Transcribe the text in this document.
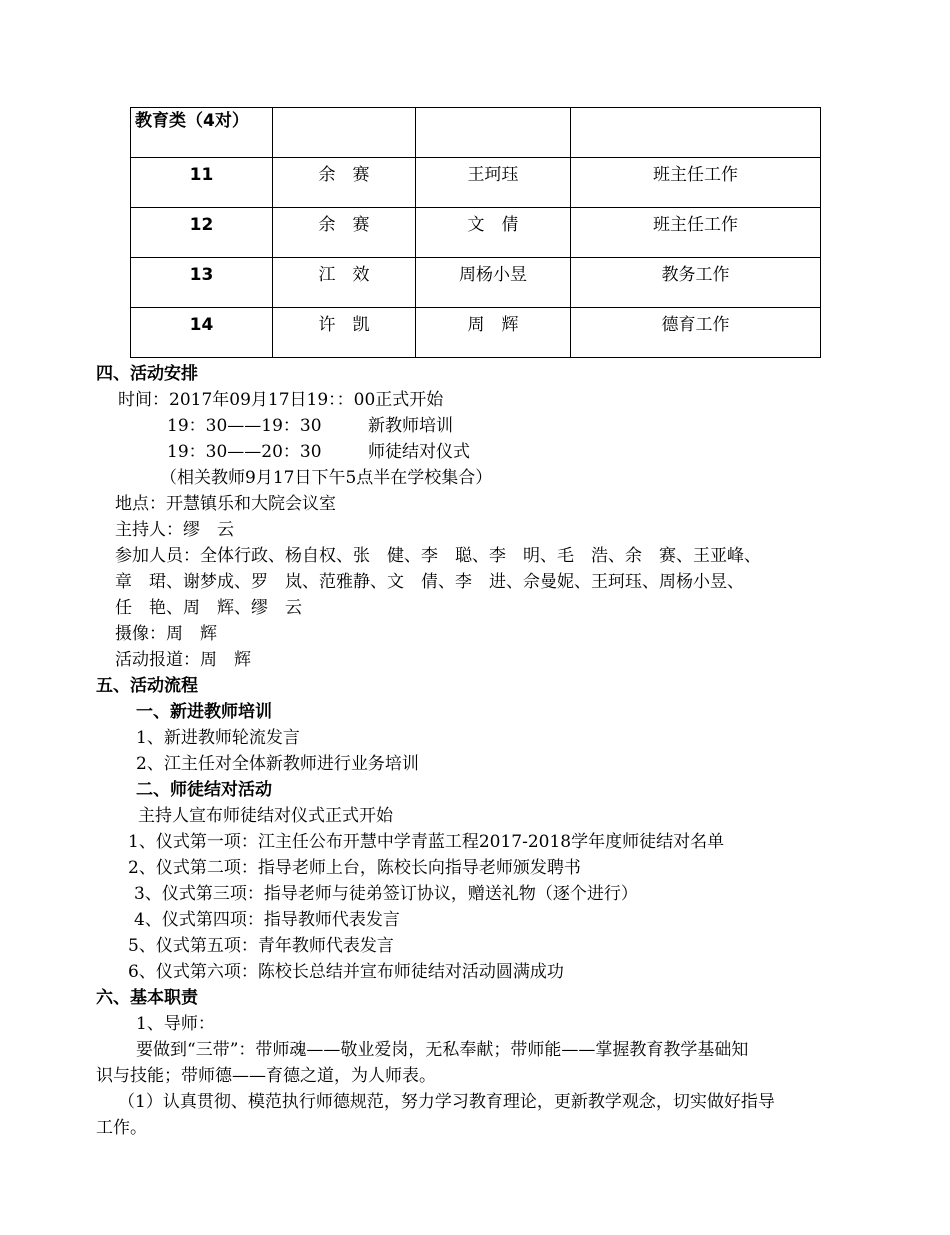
教育类（4对）			

11	余　赛	王珂珏	班主任工作

12	余　赛	文　倩	班主任工作

13	江　效	周杨小昱	教务工作

14	许　凯	周　辉	德育工作
四、活动安排
时间：2017年09月17日19：：00正式开始
19：30——19：30	新教师培训
19：30——20：30	师徒结对仪式
（相关教师9月17日下午5点半在学校集合）
地点：开慧镇乐和大院会议室
主持人：缪　云
参加人员：全体行政、杨自权、张　健、李　聪、李　明、毛　浩、余　赛、王亚峰、
章　珺、谢梦成、罗　岚、范雅静、文　倩、李　进、佘曼妮、王珂珏、周杨小昱、
任　艳、周　辉、缪　云
摄像：周　辉
活动报道：周　辉
五、活动流程
一、新进教师培训
1、新进教师轮流发言
2、江主任对全体新教师进行业务培训
二、师徒结对活动
主持人宣布师徒结对仪式正式开始
1、仪式第一项：江主任公布开慧中学青蓝工程2017-2018学年度师徒结对名单
2、仪式第二项：指导老师上台，陈校长向指导老师颁发聘书
3、仪式第三项：指导老师与徒弟签订协议，赠送礼物（逐个进行）
4、仪式第四项：指导教师代表发言
5、仪式第五项：青年教师代表发言
6、仪式第六项：陈校长总结并宣布师徒结对活动圆满成功
六、基本职责
1、导师：
要做到“三带”：带师魂——敬业爱岗，无私奉献；带师能——掌握教育教学基础知
识与技能；带师德——育德之道，为人师表。
（1）认真贯彻、模范执行师德规范，努力学习教育理论，更新教学观念，切实做好指导
工作。
